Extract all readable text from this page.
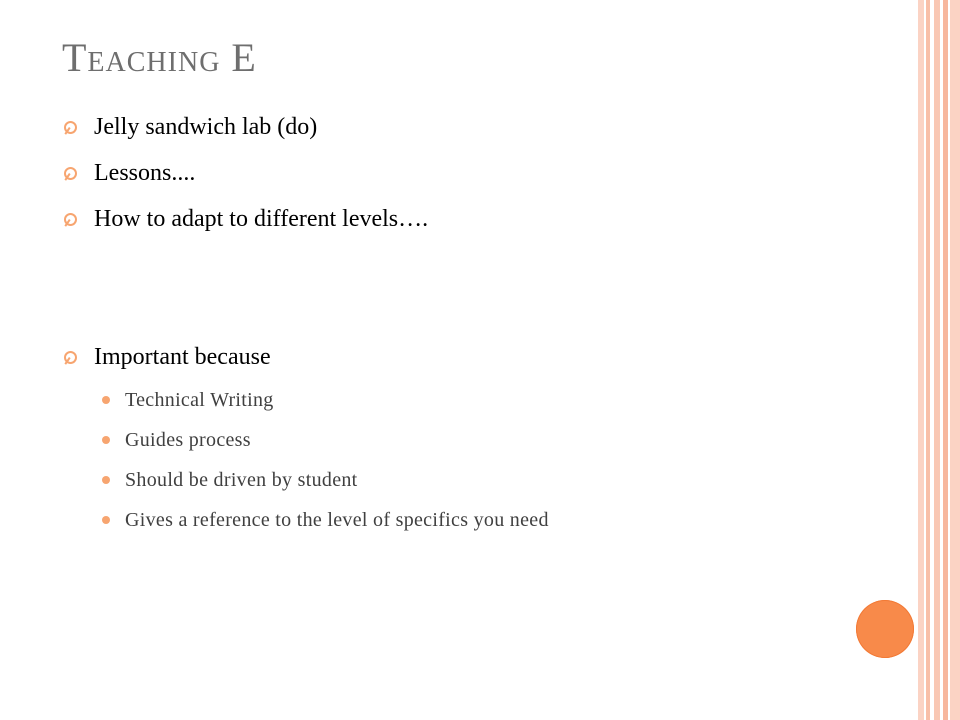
Teaching E
Jelly sandwich lab (do)
Lessons....
How to adapt to different levels….
Important because
Technical Writing
Guides process
Should be driven by student
Gives a reference to the level of specifics you need
